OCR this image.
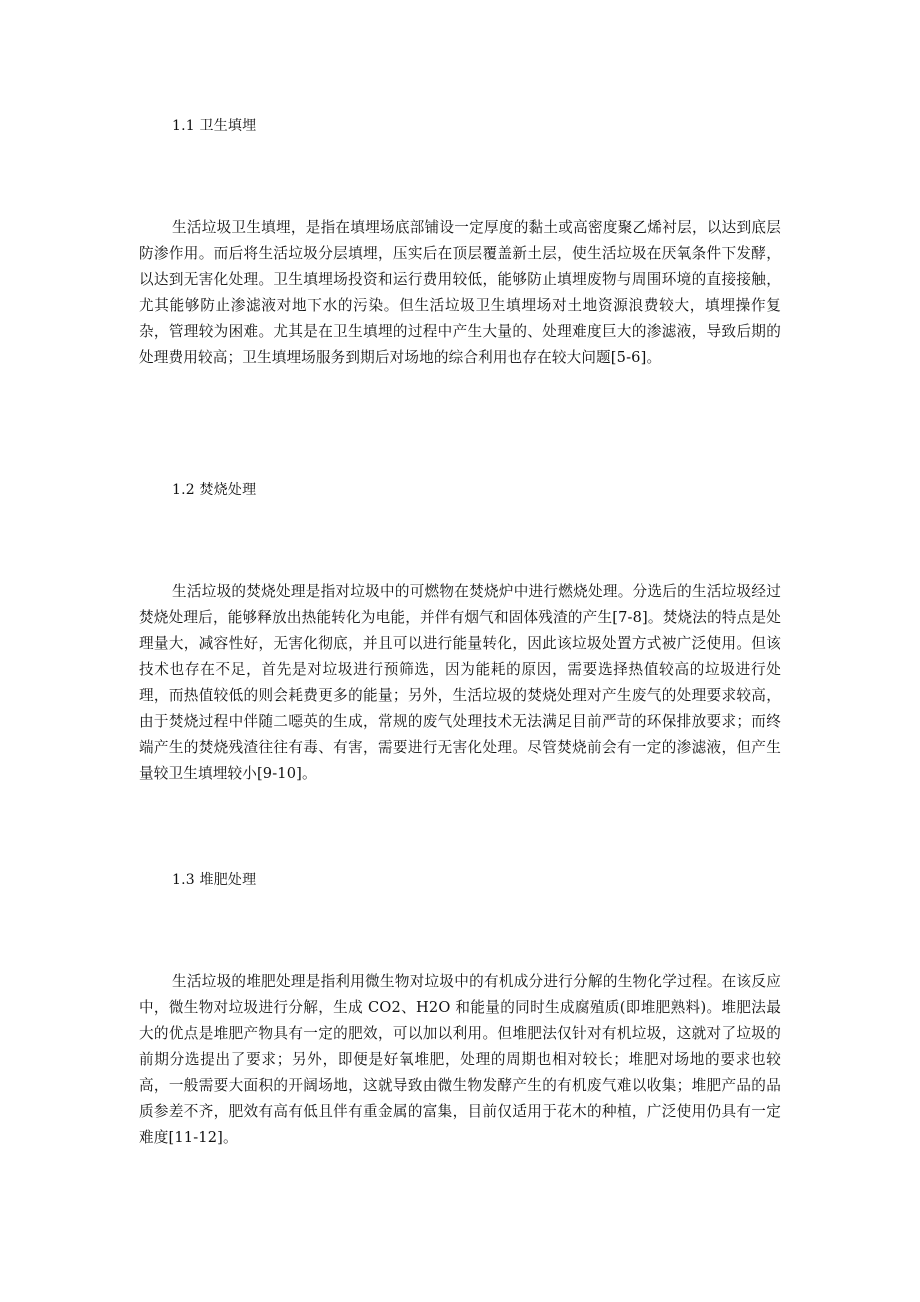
1.1 卫生填埋

生活垃圾卫生填埋，是指在填埋场底部铺设一定厚度的黏土或高密度聚乙烯衬层，以达到底层防渗作用。而后将生活垃圾分层填埋，压实后在顶层覆盖新土层，使生活垃圾在厌氧条件下发酵，以达到无害化处理。卫生填埋场投资和运行费用较低，能够防止填埋废物与周围环境的直接接触，尤其能够防止渗滤液对地下水的污染。但生活垃圾卫生填埋场对土地资源浪费较大，填埋操作复杂，管理较为困难。尤其是在卫生填埋的过程中产生大量的、处理难度巨大的渗滤液，导致后期的处理费用较高；卫生填埋场服务到期后对场地的综合利用也存在较大问题[5-6]。

1.2 焚烧处理

生活垃圾的焚烧处理是指对垃圾中的可燃物在焚烧炉中进行燃烧处理。分选后的生活垃圾经过焚烧处理后，能够释放出热能转化为电能，并伴有烟气和固体残渣的产生[7-8]。焚烧法的特点是处理量大，减容性好，无害化彻底，并且可以进行能量转化，因此该垃圾处置方式被广泛使用。但该技术也存在不足，首先是对垃圾进行预筛选，因为能耗的原因，需要选择热值较高的垃圾进行处理，而热值较低的则会耗费更多的能量；另外，生活垃圾的焚烧处理对产生废气的处理要求较高，由于焚烧过程中伴随二噁英的生成，常规的废气处理技术无法满足目前严苛的环保排放要求；而终端产生的焚烧残渣往往有毒、有害，需要进行无害化处理。尽管焚烧前会有一定的渗滤液，但产生量较卫生填埋较小[9-10]。

1.3 堆肥处理

生活垃圾的堆肥处理是指利用微生物对垃圾中的有机成分进行分解的生物化学过程。在该反应中，微生物对垃圾进行分解，生成 CO2、H2O 和能量的同时生成腐殖质(即堆肥熟料)。堆肥法最大的优点是堆肥产物具有一定的肥效，可以加以利用。但堆肥法仅针对有机垃圾，这就对了垃圾的前期分选提出了要求；另外，即便是好氧堆肥，处理的周期也相对较长；堆肥对场地的要求也较高，一般需要大面积的开阔场地，这就导致由微生物发酵产生的有机废气难以收集；堆肥产品的品质参差不齐，肥效有高有低且伴有重金属的富集，目前仅适用于花木的种植，广泛使用仍具有一定难度[11-12]。
